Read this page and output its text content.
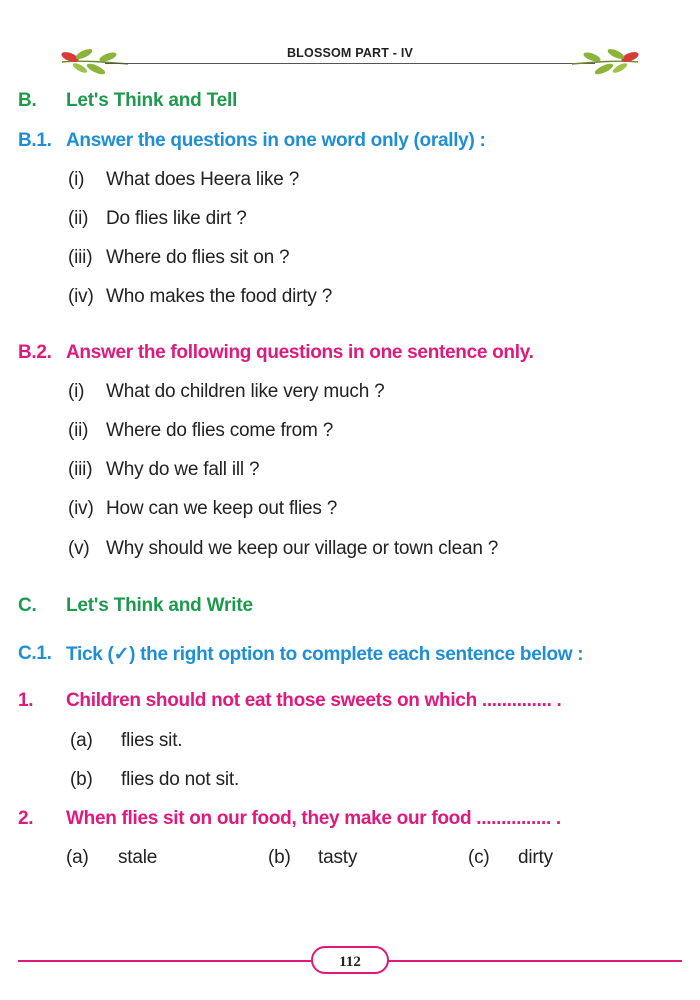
BLOSSOM PART - IV
B. Let's Think and Tell
B.1. Answer the questions in one word only (orally) :
(i) What does Heera like ?
(ii) Do flies like dirt ?
(iii) Where do flies sit on ?
(iv) Who makes the food dirty ?
B.2. Answer the following questions in one sentence only.
(i) What do children like very much ?
(ii) Where do flies come from ?
(iii) Why do we fall ill ?
(iv) How can we keep out flies ?
(v) Why should we keep our village or town clean ?
C. Let's Think and Write
C.1. Tick (✓) the right option to complete each sentence below :
1. Children should not eat those sweets on which .............. .
(a) flies sit.
(b) flies do not sit.
2. When flies sit on our food, they make our food ............... .
(a) stale	(b) tasty	(c) dirty
112
